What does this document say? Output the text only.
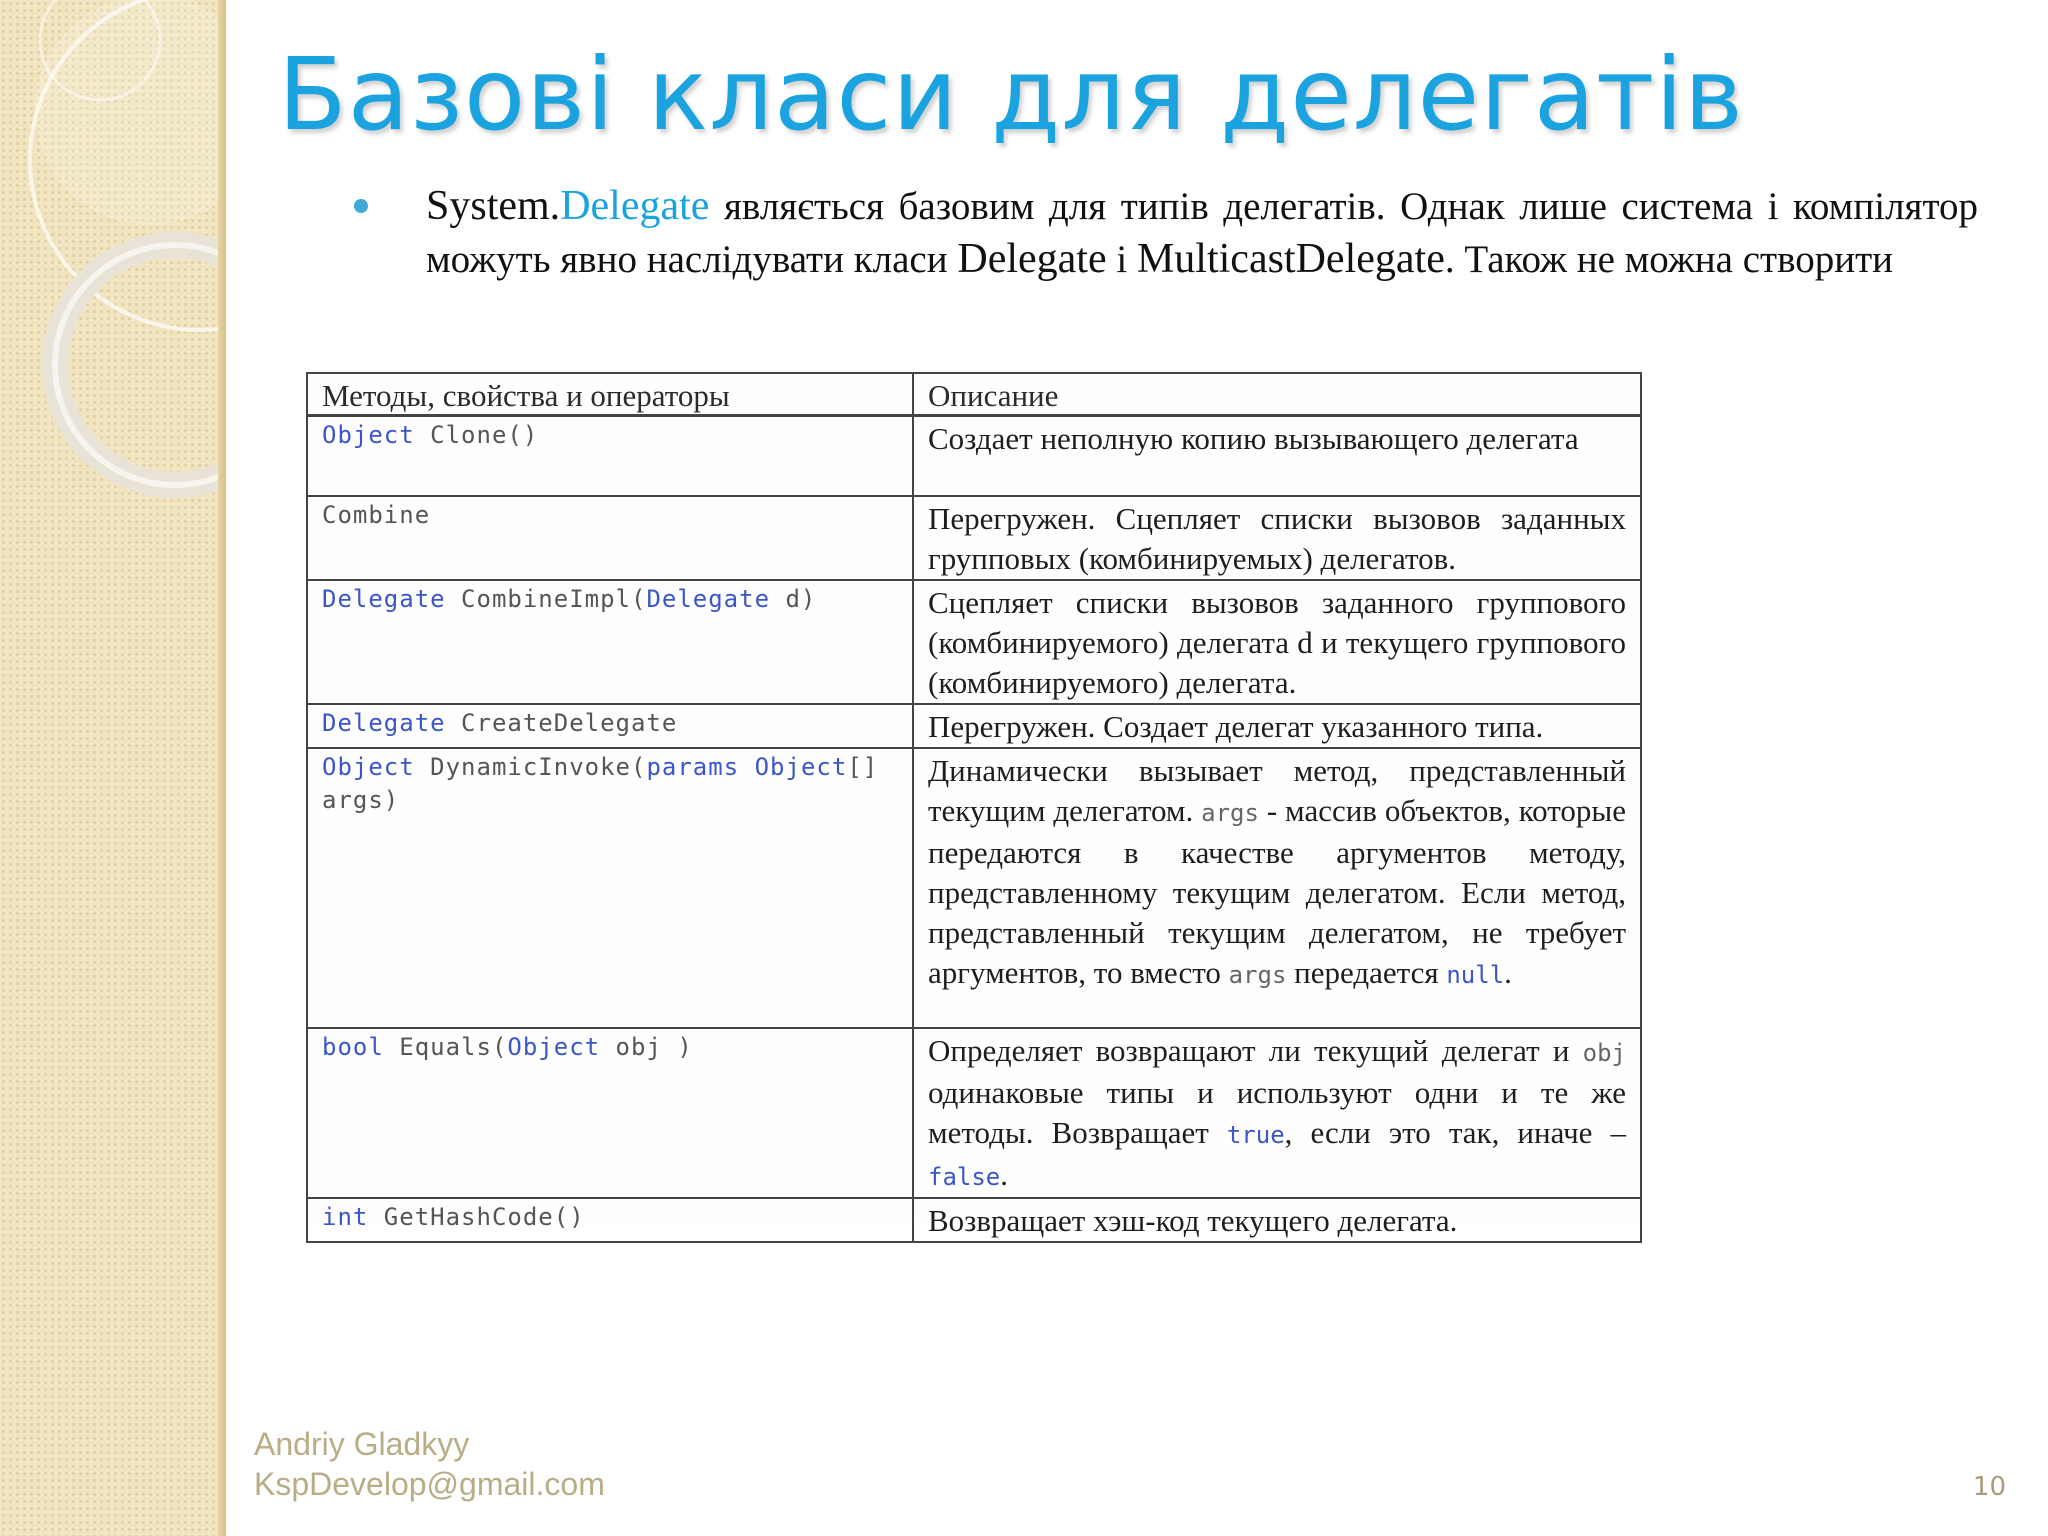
Базові класи для делегатів
System.Delegate являється базовим для типів делегатів. Однак лише система і компілятор можуть явно наслідувати класи Delegate і MulticastDelegate. Також не можна створити
Методы, свойства и операторы	Описание
Object Clone()	Создает неполную копию вызывающего делегата
Combine	Перегружен. Сцепляет списки вызовов заданных групповых (комбинируемых) делегатов.
Delegate CombineImpl(Delegate d)	Сцепляет списки вызовов заданного группового (комбинируемого) делегата d и текущего группового (комбинируемого) делегата.
Delegate CreateDelegate	Перегружен. Создает делегат указанного типа.
Object DynamicInvoke(params Object[] args)	Динамически вызывает метод, представленный текущим делегатом. args - массив объектов, которые передаются в качестве аргументов методу, представленному текущим делегатом. Если метод, представленный текущим делегатом, не требует аргументов, то вместо args передается null.
bool Equals(Object obj )	Определяет возвращают ли текущий делегат и obj одинаковые типы и используют одни и те же методы. Возвращает true, если это так, иначе – false.
int GetHashCode()	Возвращает хэш-код текущего делегата.
Andriy Gladkyy
KspDevelop@gmail.com	10
